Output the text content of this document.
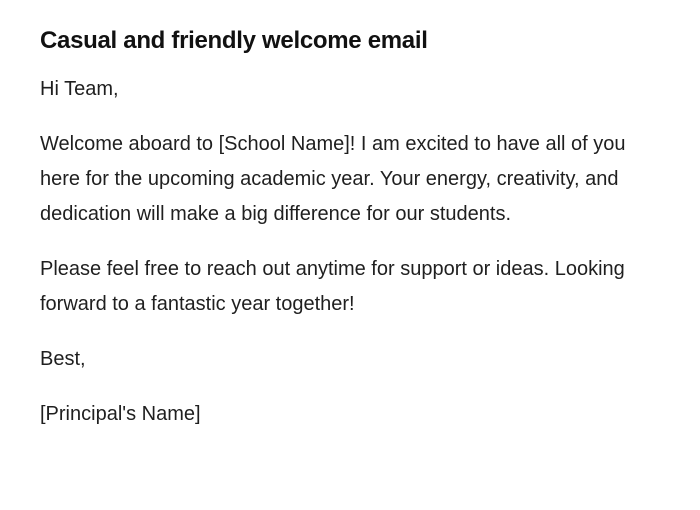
Casual and friendly welcome email

Hi Team,

Welcome aboard to [School Name]! I am excited to have all of you here for the upcoming academic year. Your energy, creativity, and dedication will make a big difference for our students.

Please feel free to reach out anytime for support or ideas. Looking forward to a fantastic year together!

Best,

[Principal's Name]
